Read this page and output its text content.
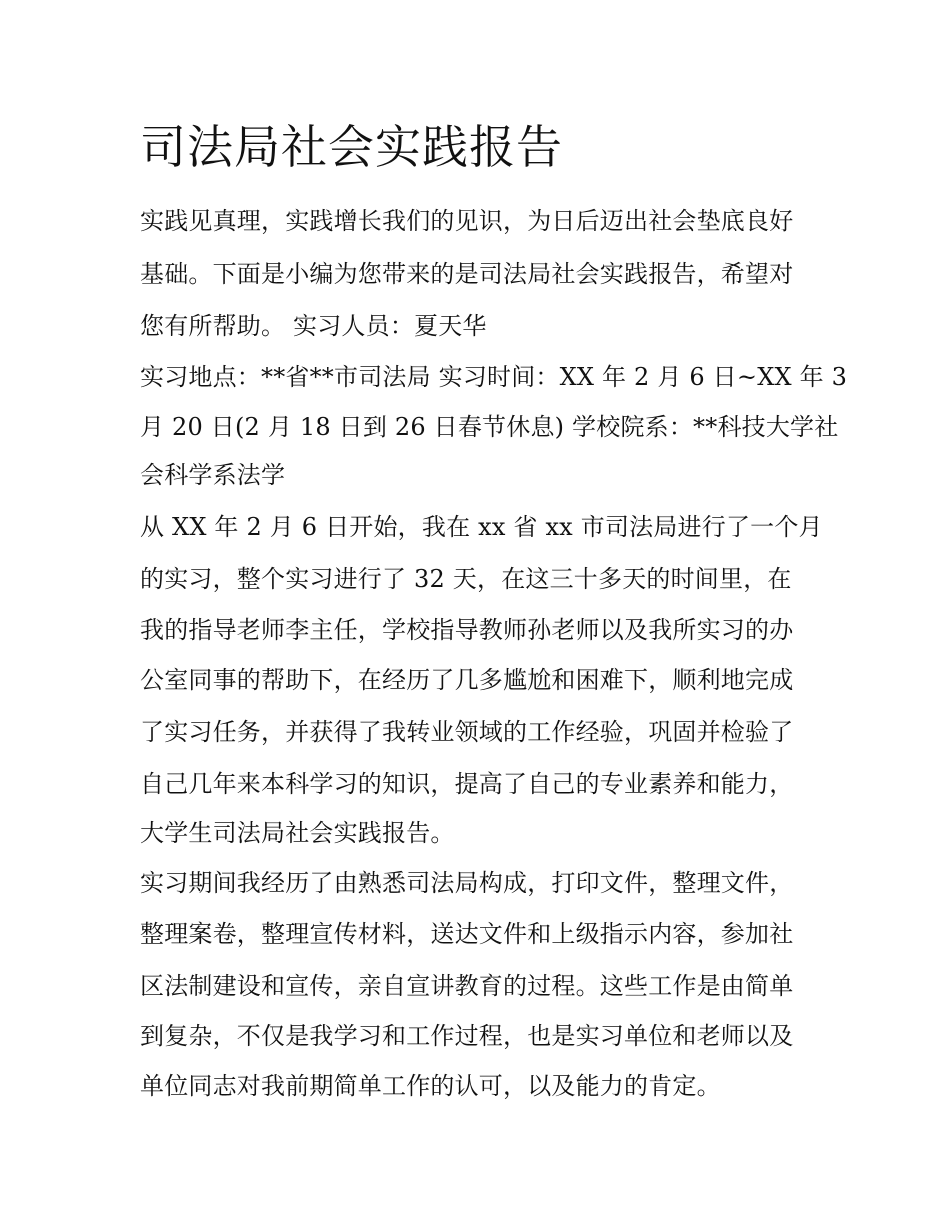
司法局社会实践报告
实践见真理，实践增长我们的见识，为日后迈出社会垫底良好
基础。下面是小编为您带来的是司法局社会实践报告，希望对
您有所帮助。 实习人员：夏天华
实习地点：**省**市司法局 实习时间：XX 年 2 月 6 日~XX 年 3
月 20 日(2 月 18 日到 26 日春节休息) 学校院系：**科技大学社
会科学系法学
从 XX 年 2 月 6 日开始，我在 xx 省 xx 市司法局进行了一个月
的实习，整个实习进行了 32 天，在这三十多天的时间里，在
我的指导老师李主任，学校指导教师孙老师以及我所实习的办
公室同事的帮助下，在经历了几多尴尬和困难下，顺利地完成
了实习任务，并获得了我转业领域的工作经验，巩固并检验了
自己几年来本科学习的知识，提高了自己的专业素养和能力，
大学生司法局社会实践报告。
实习期间我经历了由熟悉司法局构成，打印文件，整理文件，
整理案卷，整理宣传材料，送达文件和上级指示内容，参加社
区法制建设和宣传，亲自宣讲教育的过程。这些工作是由简单
到复杂，不仅是我学习和工作过程，也是实习单位和老师以及
单位同志对我前期简单工作的认可，以及能力的肯定。
